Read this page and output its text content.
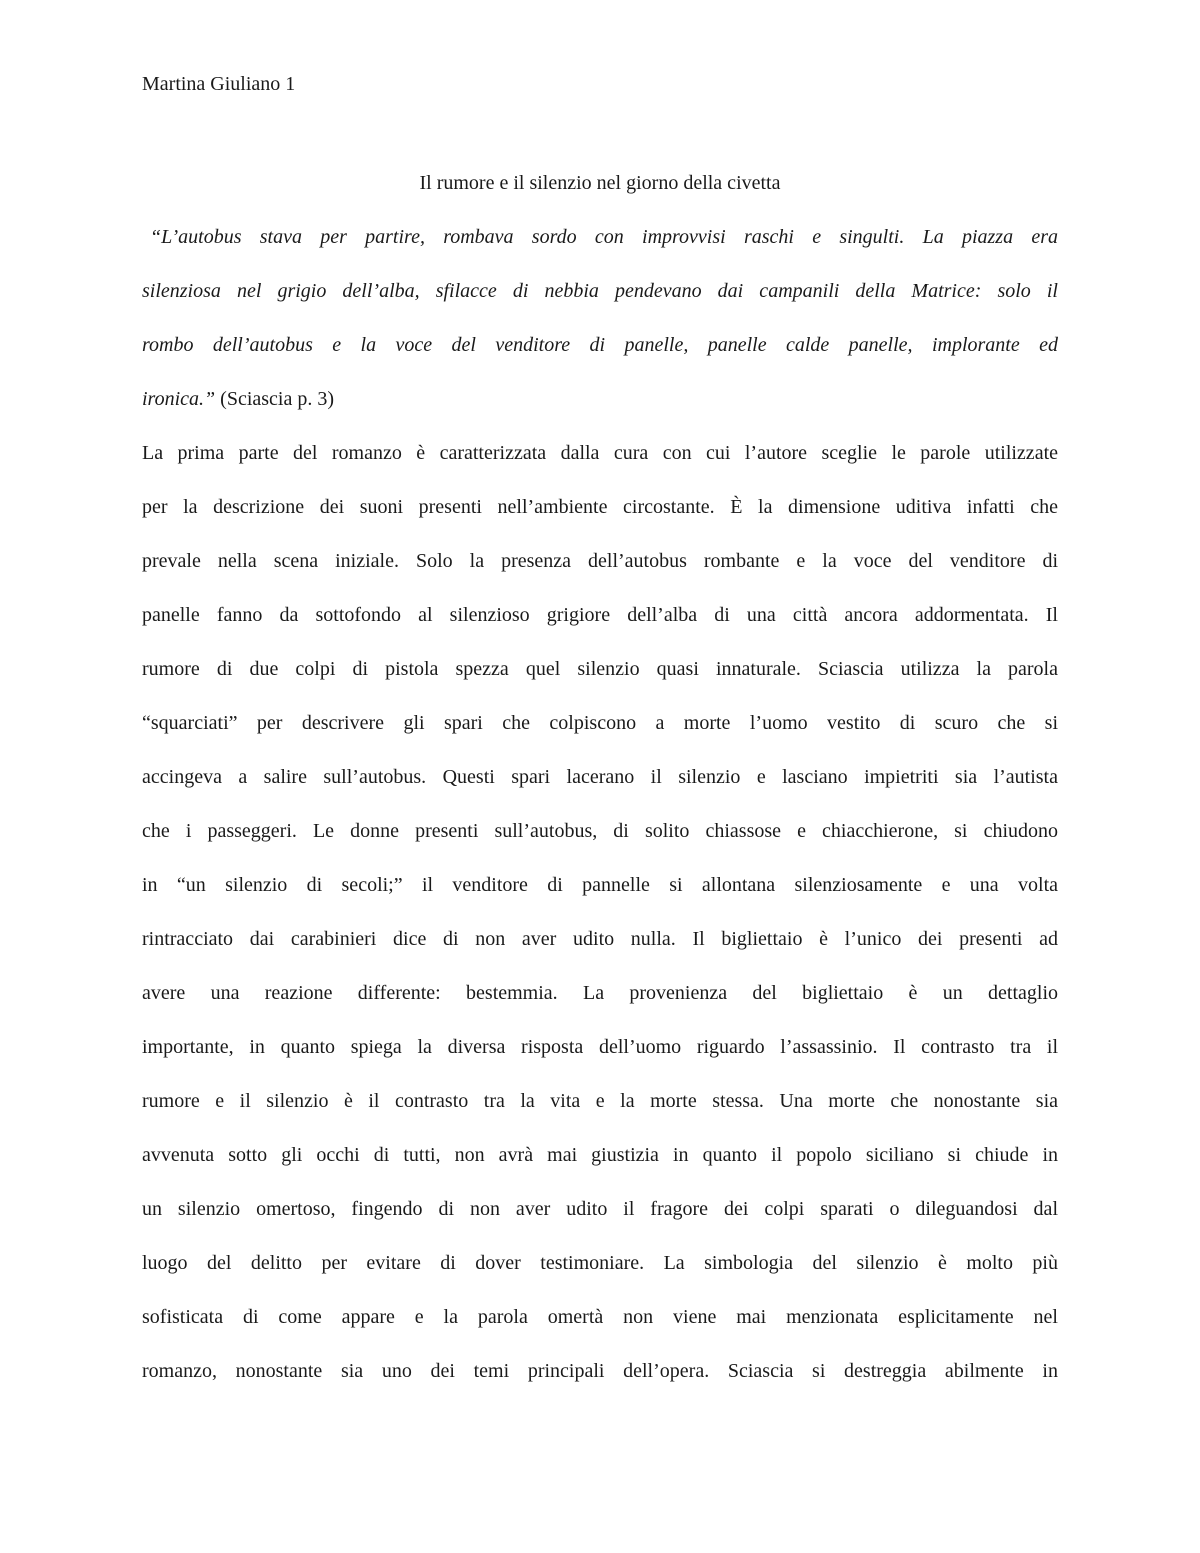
Martina Giuliano 1
Il rumore e il silenzio nel giorno della civetta
“L’autobus stava per partire, rombava sordo con improvvisi raschi e singulti. La piazza era
silenziosa nel grigio dell’alba, sfilacce di nebbia pendevano dai campanili della Matrice: solo il
rombo dell’autobus e la voce del venditore di panelle, panelle calde panelle, implorante ed
ironica.” (Sciascia p. 3)
La prima parte del romanzo è caratterizzata dalla cura con cui l’autore sceglie le parole utilizzate
per la descrizione dei suoni presenti nell’ambiente circostante. È la dimensione uditiva infatti che
prevale nella scena iniziale. Solo la presenza dell’autobus rombante e la voce del venditore di
panelle fanno da sottofondo al silenzioso grigiore dell’alba di una città ancora addormentata. Il
rumore di due colpi di pistola spezza quel silenzio quasi innaturale. Sciascia utilizza la parola
“squarciati” per descrivere gli spari che colpiscono a morte l’uomo vestito di scuro che si
accingeva a salire sull’autobus. Questi spari lacerano il silenzio e lasciano impietriti sia l’autista
che i passeggeri. Le donne presenti sull’autobus, di solito chiassose e chiacchierone, si chiudono
in “un silenzio di secoli;” il venditore di pannelle si allontana silenziosamente e una volta
rintracciato dai carabinieri dice di non aver udito nulla. Il bigliettaio è l’unico dei presenti ad
avere una reazione differente: bestemmia. La provenienza del bigliettaio è un dettaglio
importante, in quanto spiega la diversa risposta dell’uomo riguardo l’assassinio. Il contrasto tra il
rumore e il silenzio è il contrasto tra la vita e la morte stessa. Una morte che nonostante sia
avvenuta sotto gli occhi di tutti, non avrà mai giustizia in quanto il popolo siciliano si chiude in
un silenzio omertoso, fingendo di non aver udito il fragore dei colpi sparati o dileguandosi dal
luogo del delitto per evitare di dover testimoniare. La simbologia del silenzio è molto più
sofisticata di come appare e la parola omertà non viene mai menzionata esplicitamente nel
romanzo, nonostante sia uno dei temi principali dell’opera. Sciascia si destreggia abilmente in
